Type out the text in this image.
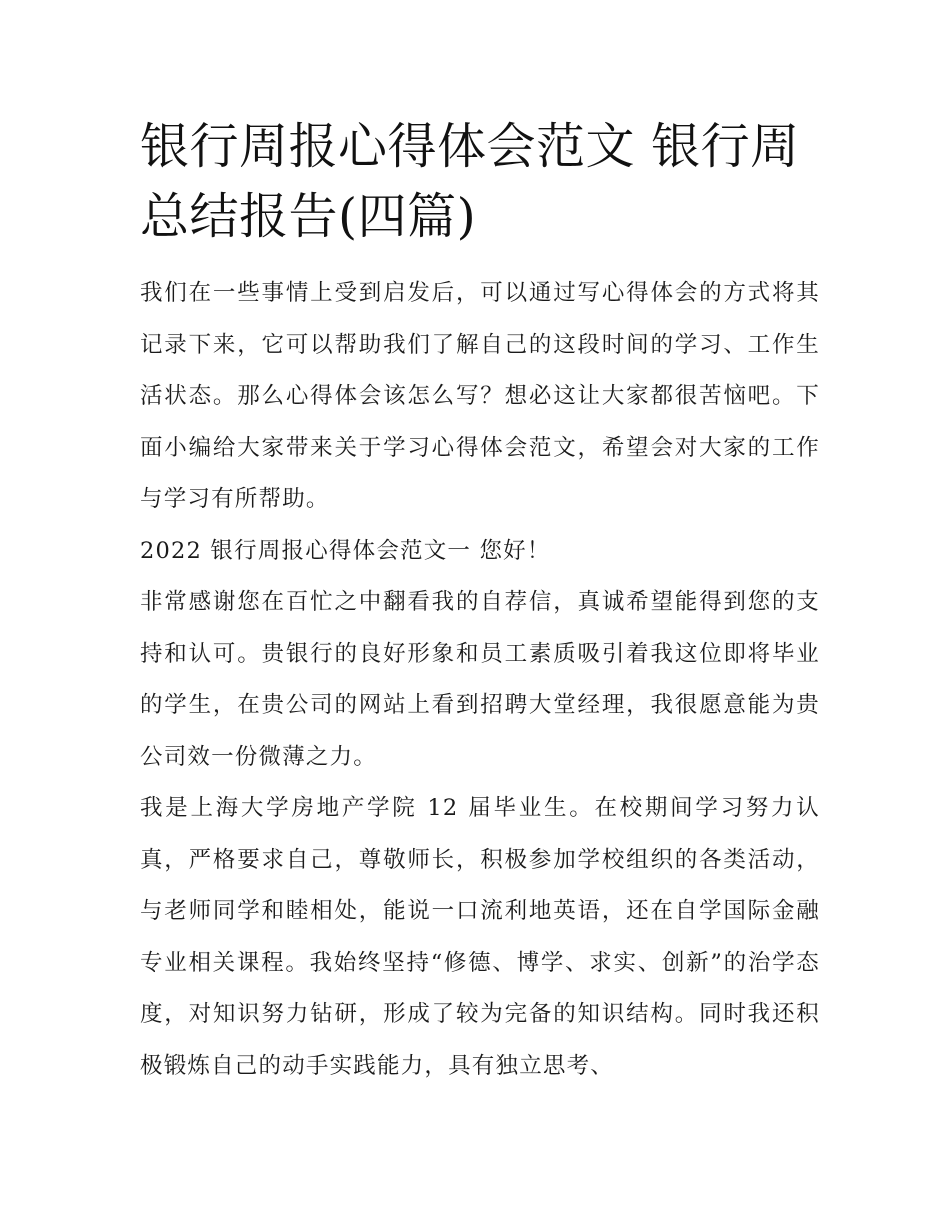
银行周报心得体会范文 银行周总结报告(四篇)

我们在一些事情上受到启发后，可以通过写心得体会的方式将其记录下来，它可以帮助我们了解自己的这段时间的学习、工作生活状态。那么心得体会该怎么写？想必这让大家都很苦恼吧。下面小编给大家带来关于学习心得体会范文，希望会对大家的工作与学习有所帮助。

2022 银行周报心得体会范文一 您好！

非常感谢您在百忙之中翻看我的自荐信，真诚希望能得到您的支持和认可。贵银行的良好形象和员工素质吸引着我这位即将毕业的学生，在贵公司的网站上看到招聘大堂经理，我很愿意能为贵公司效一份微薄之力。

我是上海大学房地产学院 12 届毕业生。在校期间学习努力认真，严格要求自己，尊敬师长，积极参加学校组织的各类活动，与老师同学和睦相处，能说一口流利地英语，还在自学国际金融专业相关课程。我始终坚持“修德、博学、求实、创新”的治学态度，对知识努力钻研，形成了较为完备的知识结构。同时我还积极锻炼自己的动手实践能力，具有独立思考、
